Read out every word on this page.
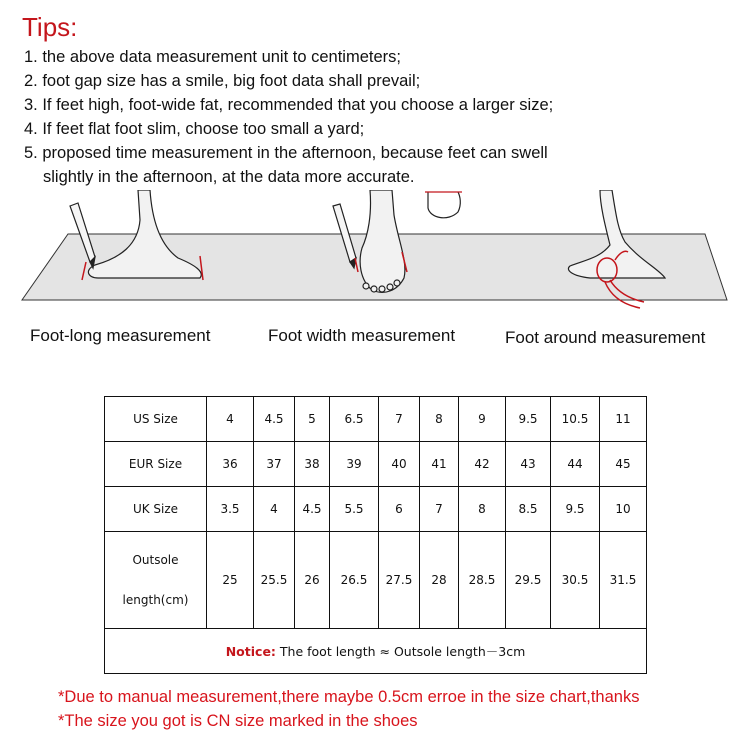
Tips:
1. the above data measurement unit to centimeters;
2. foot gap size has a smile, big foot data shall prevail;
3. If feet high, foot-wide fat, recommended that you choose a larger size;
4. If feet flat foot slim, choose too small a yard;
5. proposed time measurement in the afternoon, because feet can swell
slightly in the afternoon, at the data more accurate.
Foot-long measurement	Foot width measurement	Foot around measurement
US Size	4	4.5	5	6.5	7	8	9	9.5	10.5	11
EUR Size	36	37	38	39	40	41	42	43	44	45
UK Size	3.5	4	4.5	5.5	6	7	8	8.5	9.5	10

Outsole
length(cm)	25	25.5	26	26.5	27.5	28	28.5	29.5	30.5	31.5
Notice: The foot length ≈ Outsole length－3cm										
*Due to manual measurement,there maybe 0.5cm erroe in the size chart,thanks
*The size you got is CN size marked in the shoes
